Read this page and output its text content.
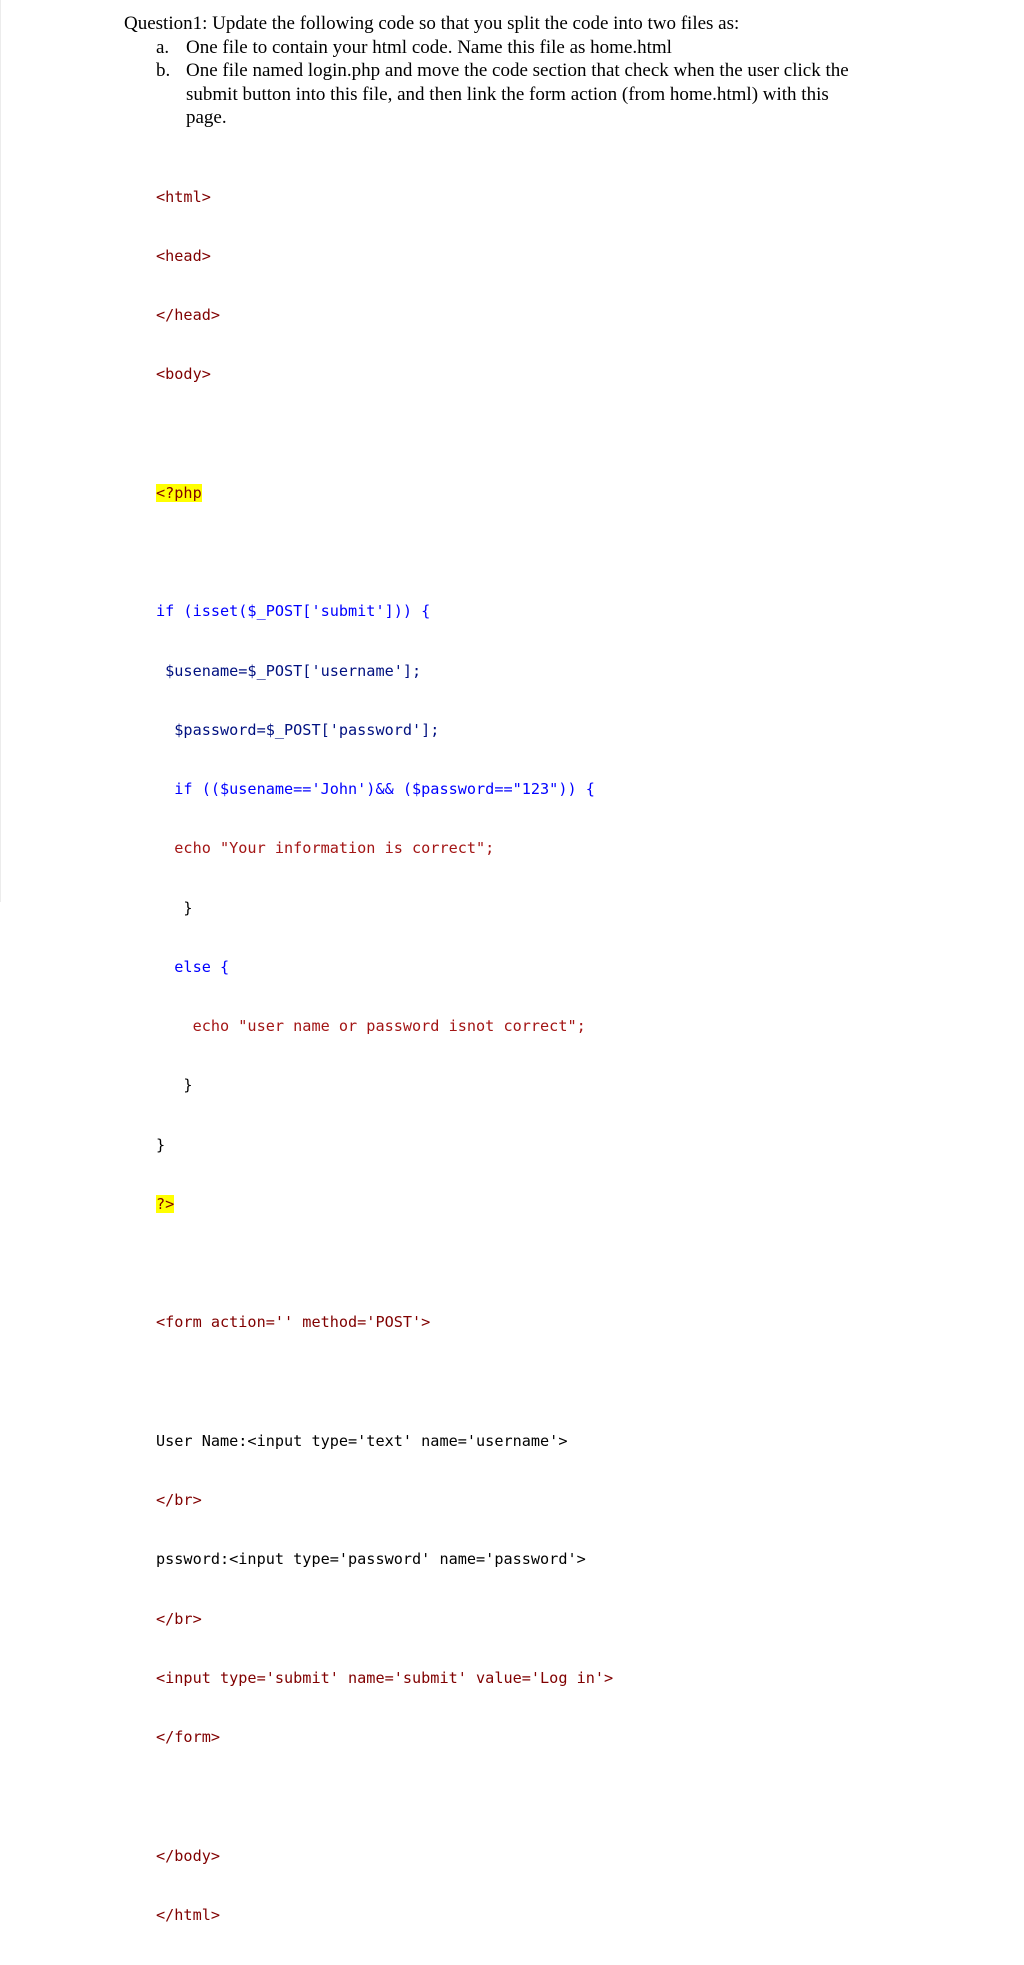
Question1: Update the following code so that you split the code into two files as:

a. One file to contain your html code. Name this file as home.html
b. One file named login.php and move the code section that check when the user click the
submit button into this file, and then link the form action (from home.html) with this
page.

<html>

<head>

</head>

<body>

<?php

if (isset($_POST['submit'])) {

$usename=$_POST['username'];

$password=$_POST['password'];

if (($usename=='John')&& ($password=="123")) {

echo "Your information is correct";

}

else {

echo "user name or password isnot correct";

}

}

?>

<form action='' method='POST'>

User Name:<input type='text' name='username'>

</br>

pssword:<input type='password' name='password'>

</br>

<input type='submit' name='submit' value='Log in'>

</form>

</body>

</html>
